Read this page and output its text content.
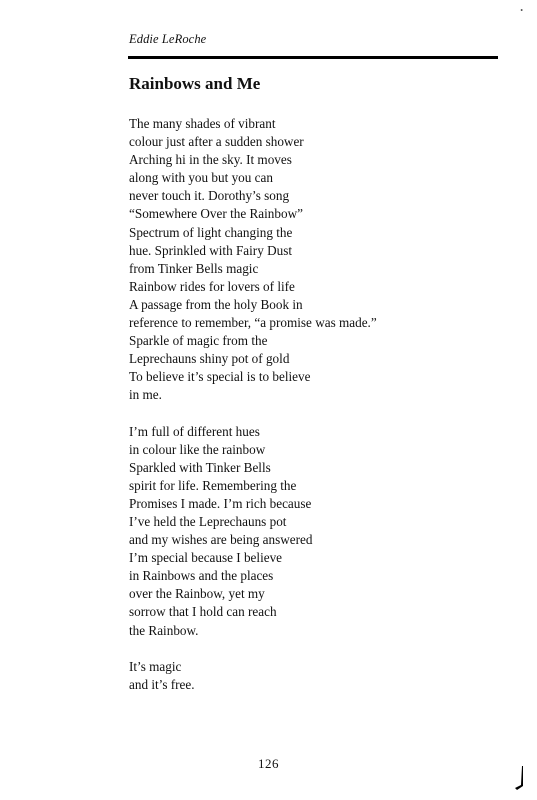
•
Eddie LeRoche
Rainbows and Me
The many shades of vibrant
colour just after a sudden shower
Arching hi in the sky. It moves
along with you but you can
never touch it. Dorothy’s song
“Somewhere Over the Rainbow”
Spectrum of light changing the
hue. Sprinkled with Fairy Dust
from Tinker Bells magic
Rainbow rides for lovers of life
A passage from the holy Book in
reference to remember, “a promise was made.”
Sparkle of magic from the
Leprechauns shiny pot of gold
To believe it’s special is to believe
in me.
I’m full of different hues
in colour like the rainbow
Sparkled with Tinker Bells
spirit for life. Remembering the
Promises I made. I’m rich because
I’ve held the Leprechauns pot
and my wishes are being answered
I’m special because I believe
in Rainbows and the places
over the Rainbow, yet my
sorrow that I hold can reach
the Rainbow.
It’s magic
and it’s free.
126
